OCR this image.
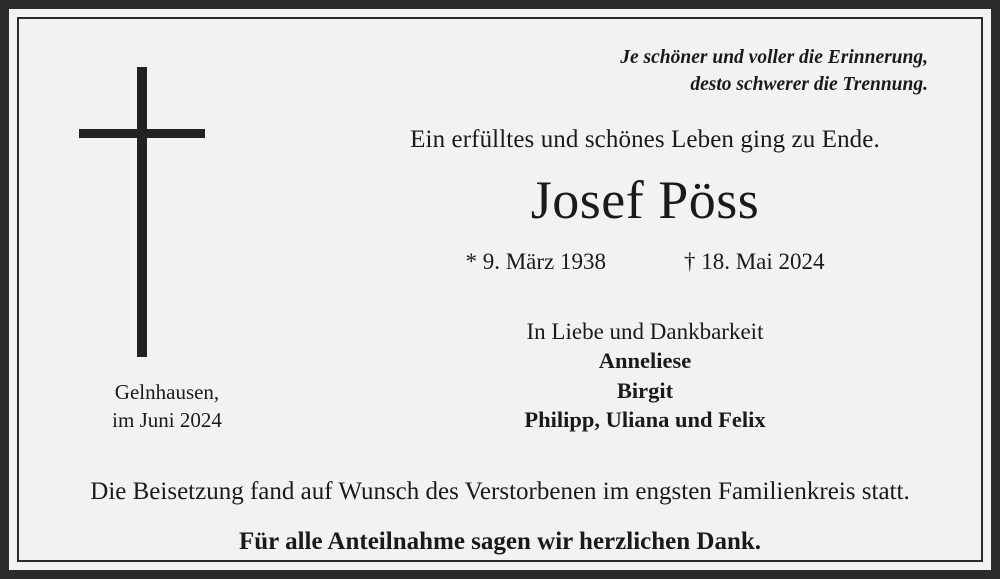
Gelnhausen,
im Juni 2024
Je schöner und voller die Erinnerung,
desto schwerer die Trennung.
Ein erfülltes und schönes Leben ging zu Ende.
Josef Pöss
* 9. März 1938	† 18. Mai 2024
In Liebe und Dankbarkeit
Anneliese
Birgit
Philipp, Uliana und Felix
Die Beisetzung fand auf Wunsch des Verstorbenen im engsten Familienkreis statt.
Für alle Anteilnahme sagen wir herzlichen Dank.
